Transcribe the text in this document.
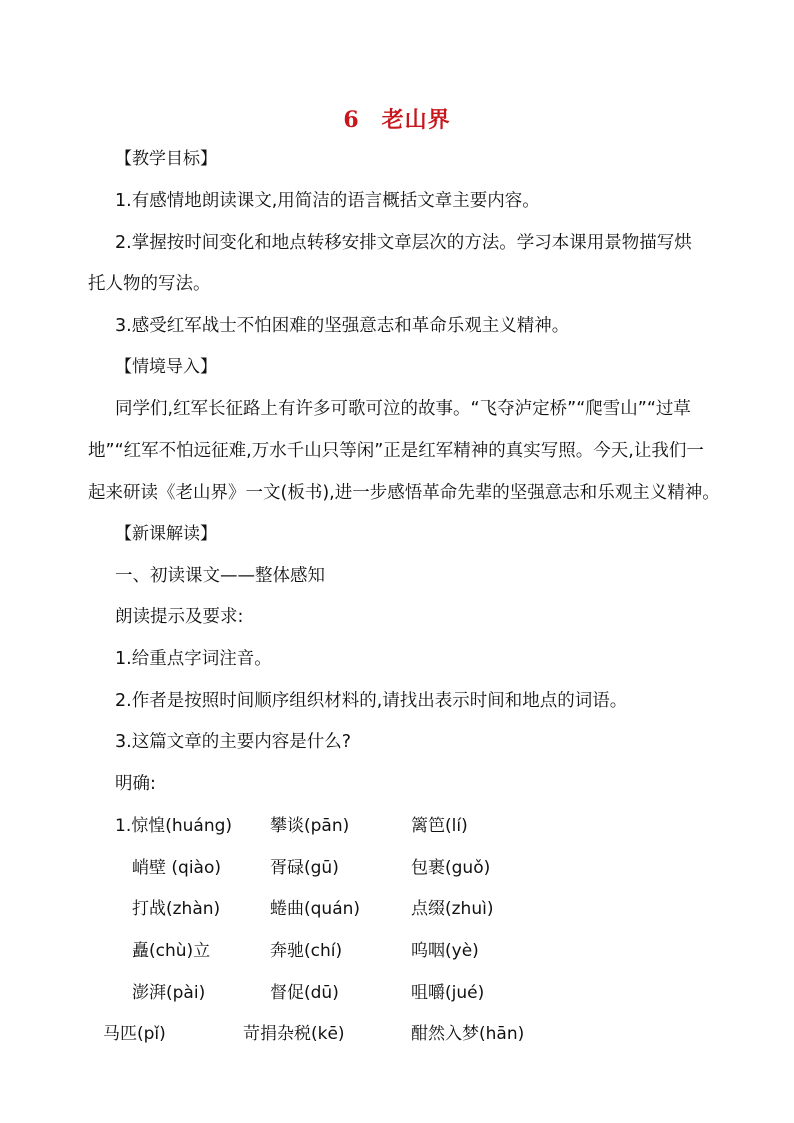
6 老山界
【教学目标】
1.有感情地朗读课文,用简洁的语言概括文章主要内容。
2.掌握按时间变化和地点转移安排文章层次的方法。学习本课用景物描写烘
托人物的写法。
3.感受红军战士不怕困难的坚强意志和革命乐观主义精神。
【情境导入】
同学们,红军长征路上有许多可歌可泣的故事。“飞夺泸定桥”“爬雪山”“过草
地”“红军不怕远征难,万水千山只等闲”正是红军精神的真实写照。今天,让我们一
起来研读《老山界》一文(板书),进一步感悟革命先辈的坚强意志和乐观主义精神。
【新课解读】
一、初读课文——整体感知
朗读提示及要求:
1.给重点字词注音。
2.作者是按照时间顺序组织材料的,请找出表示时间和地点的词语。
3.这篇文章的主要内容是什么?
明确:
1.惊惶(huáng) 攀谈(pān)	篱笆(lí)
峭壁 (qiào)	胥碌(gū)	包裹(guǒ)
打战(zhàn)	蜷曲(quán)	点缀(zhuì)
矗(chù)立	奔驰(chí)	呜咽(yè)
澎湃(pài)	督促(dū)	咀嚼(jué)
马匹(pǐ)	苛捐杂税(kē)	酣然入梦(hān)
